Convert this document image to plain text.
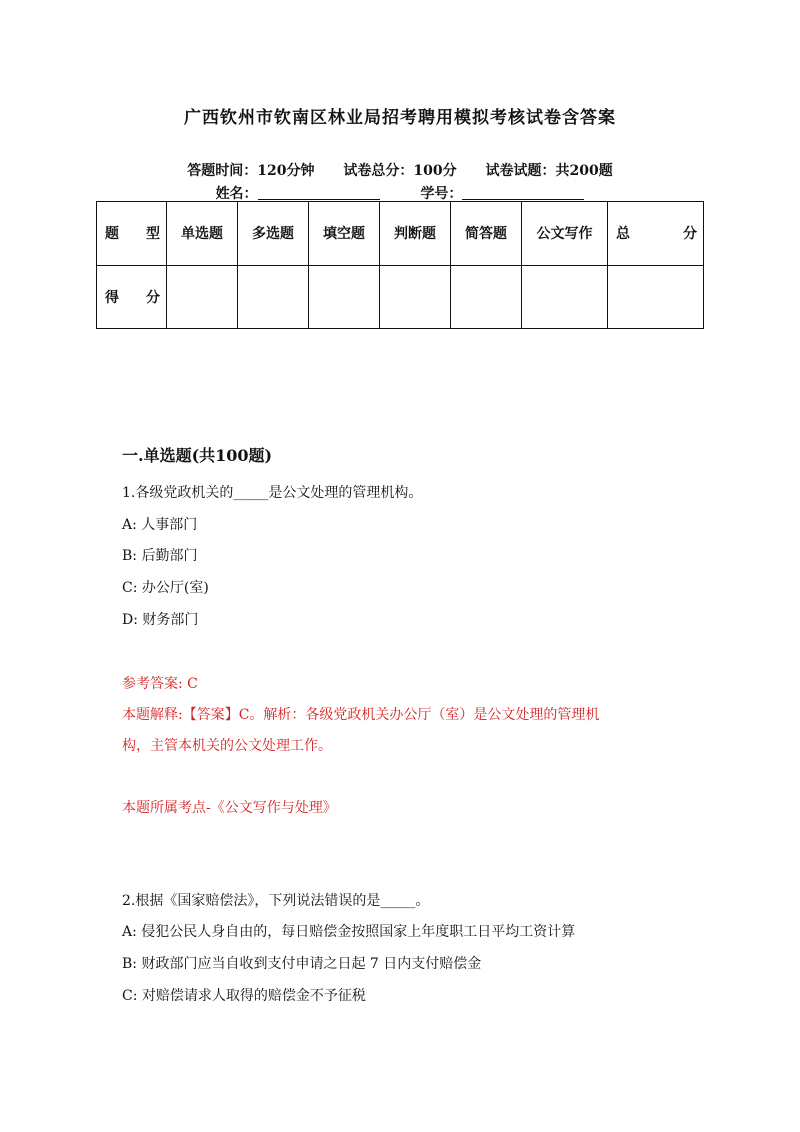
广西钦州市钦南区林业局招考聘用模拟考核试卷含答案
答题时间：120分钟 试卷总分：100分 试卷试题：共200题
姓名：	学号：
题 型	单选题	多选题	填空题	判断题	简答题	公文写作	总 分

得 分							

一.单选题(共100题)
1.各级党政机关的_____是公文处理的管理机构。
A: 人事部门
B: 后勤部门
C: 办公厅(室)
D: 财务部门
参考答案: C
本题解释:【答案】C。解析：各级党政机关办公厅（室）是公文处理的管理机
构，主管本机关的公文处理工作。
本题所属考点-《公文写作与处理》
2.根据《国家赔偿法》，下列说法错误的是_____。
A: 侵犯公民人身自由的，每日赔偿金按照国家上年度职工日平均工资计算
B: 财政部门应当自收到支付申请之日起 7 日内支付赔偿金
C: 对赔偿请求人取得的赔偿金不予征税
